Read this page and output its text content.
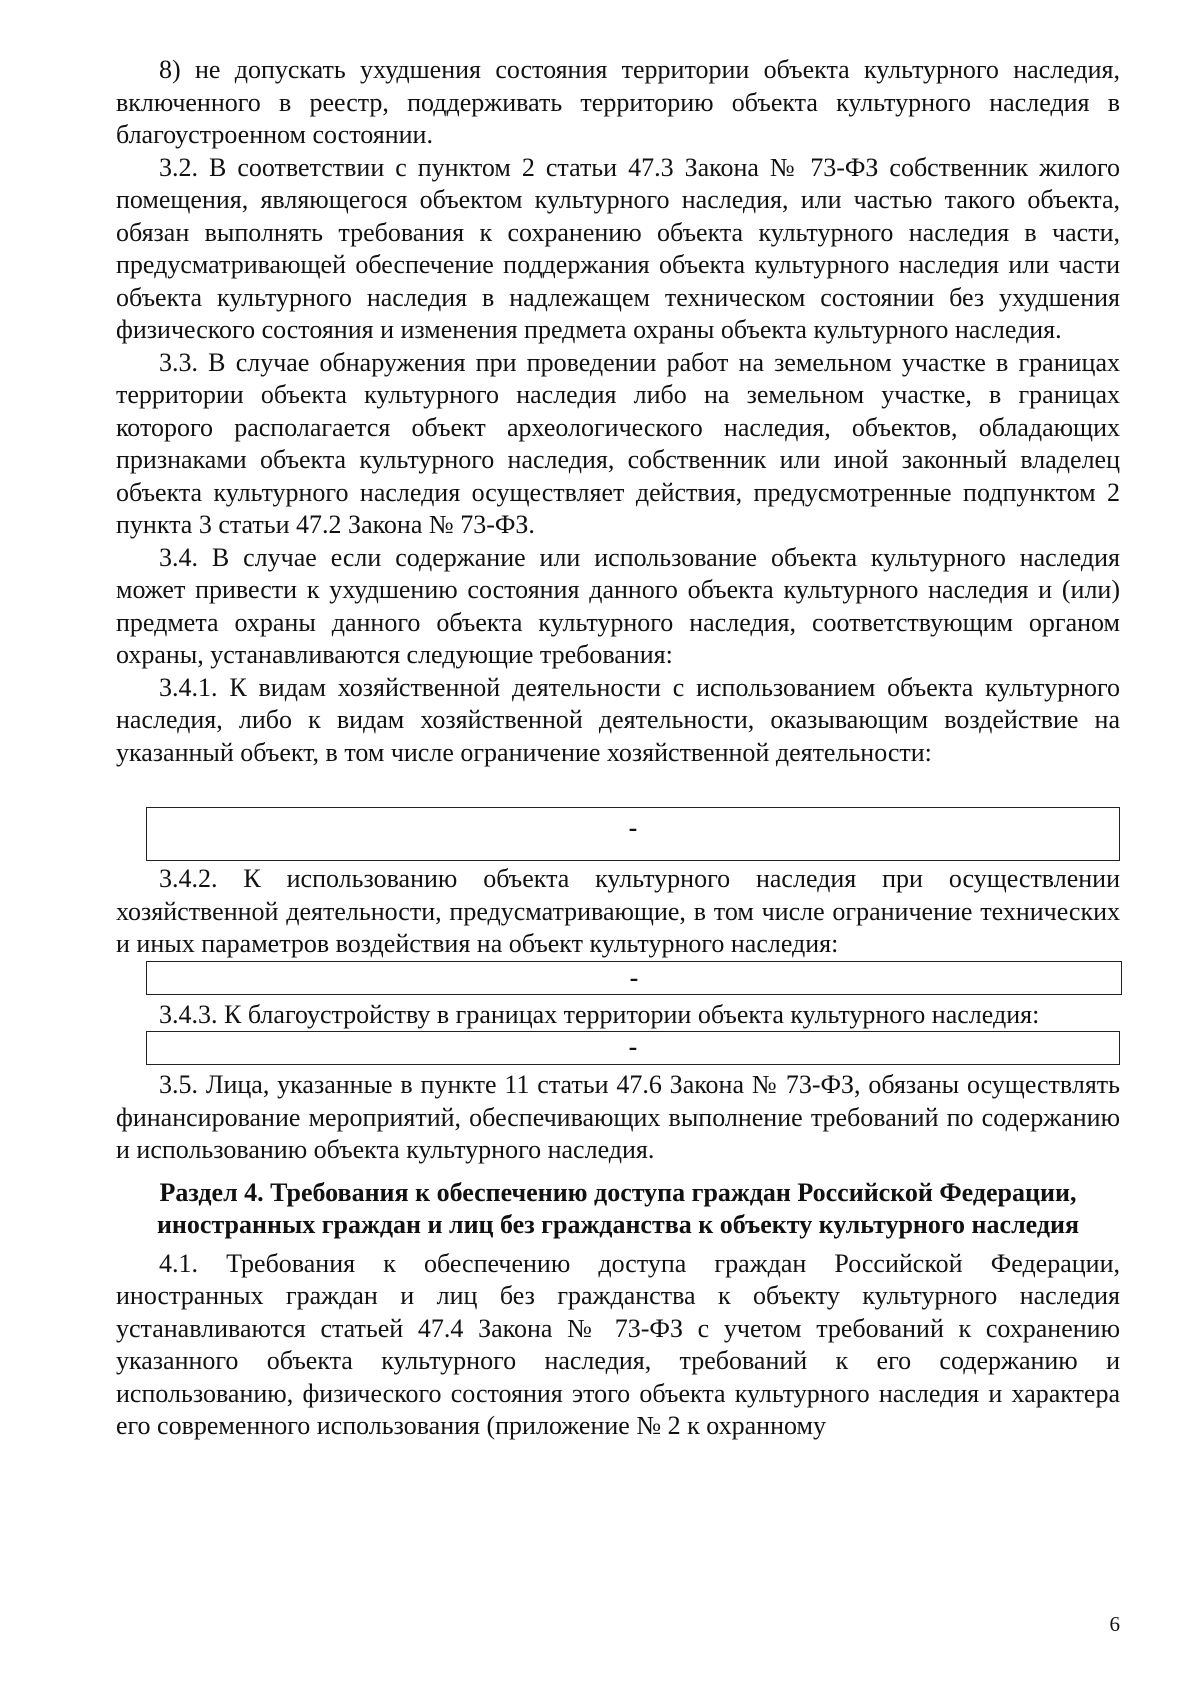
8) не допускать ухудшения состояния территории объекта культурного наследия, включенного в реестр, поддерживать территорию объекта культурного наследия в благоустроенном состоянии.

3.2. В соответствии с пунктом 2 статьи 47.3 Закона № 73-ФЗ собственник жилого помещения, являющегося объектом культурного наследия, или частью такого объекта, обязан выполнять требования к сохранению объекта культурного наследия в части, предусматривающей обеспечение поддержания объекта культурного наследия или части объекта культурного наследия в надлежащем техническом состоянии без ухудшения физического состояния и изменения предмета охраны объекта культурного наследия.

3.3. В случае обнаружения при проведении работ на земельном участке в границах территории объекта культурного наследия либо на земельном участке, в границах которого располагается объект археологического наследия, объектов, обладающих признаками объекта культурного наследия, собственник или иной законный владелец объекта культурного наследия осуществляет действия, предусмотренные подпунктом 2 пункта 3 статьи 47.2 Закона № 73-ФЗ.

3.4. В случае если содержание или использование объекта культурного наследия может привести к ухудшению состояния данного объекта культурного наследия и (или) предмета охраны данного объекта культурного наследия, соответствующим органом охраны, устанавливаются следующие требования:

3.4.1. К видам хозяйственной деятельности с использованием объекта культурного наследия, либо к видам хозяйственной деятельности, оказывающим воздействие на указанный объект, в том числе ограничение хозяйственной деятельности:

-

3.4.2. К использованию объекта культурного наследия при осуществлении хозяйственной деятельности, предусматривающие, в том числе ограничение технических и иных параметров воздействия на объект культурного наследия:

-

3.4.3. К благоустройству в границах территории объекта культурного наследия:

-

3.5. Лица, указанные в пункте 11 статьи 47.6 Закона № 73-ФЗ, обязаны осуществлять финансирование мероприятий, обеспечивающих выполнение требований по содержанию и использованию объекта культурного наследия.

Раздел 4. Требования к обеспечению доступа граждан Российской Федерации, иностранных граждан и лиц без гражданства к объекту культурного наследия

4.1. Требования к обеспечению доступа граждан Российской Федерации, иностранных граждан и лиц без гражданства к объекту культурного наследия устанавливаются статьей 47.4 Закона № 73-ФЗ с учетом требований к сохранению указанного объекта культурного наследия, требований к его содержанию и использованию, физического состояния этого объекта культурного наследия и характера его современного использования (приложение № 2 к охранному

6
